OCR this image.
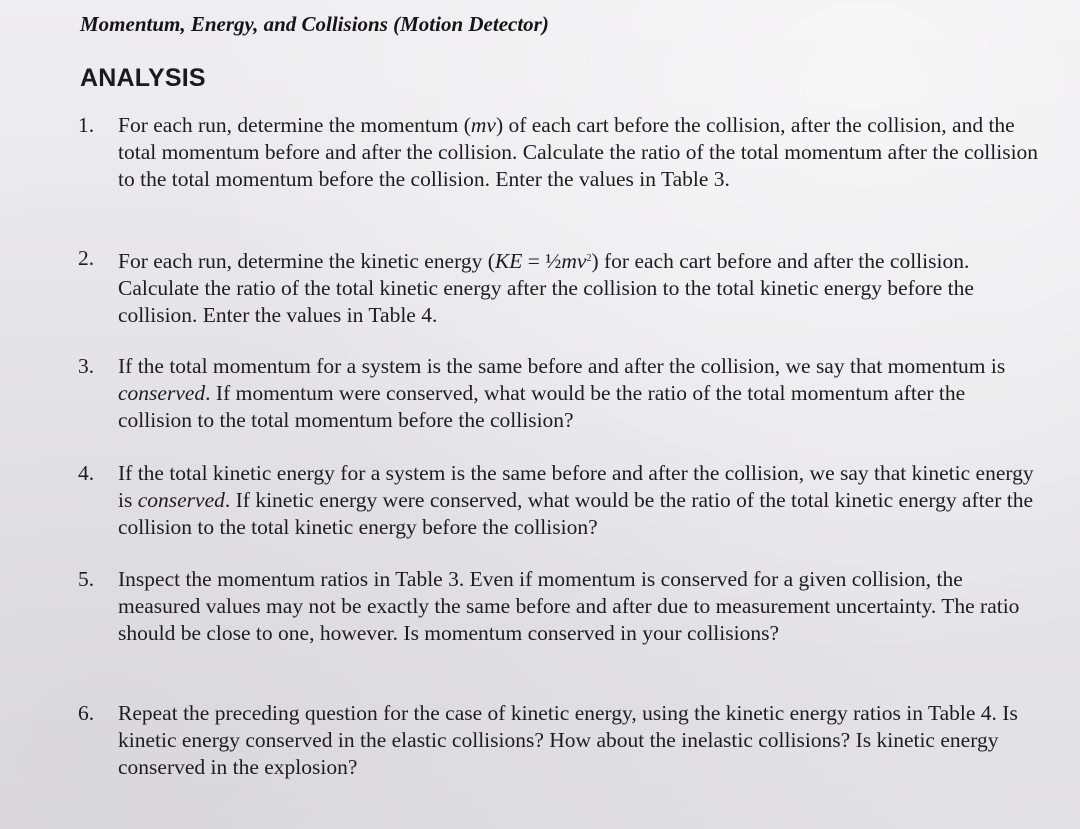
Momentum, Energy, and Collisions (Motion Detector)
ANALYSIS
1.	For each run, determine the momentum (mv) of each cart before the collision, after the collision, and the total momentum before and after the collision. Calculate the ratio of the total momentum after the collision to the total momentum before the collision. Enter the values in Table 3.
2.	For each run, determine the kinetic energy $(KE = \frac{1}{2}mv^2)$ for each cart before and after the collision. Calculate the ratio of the total kinetic energy after the collision to the total kinetic energy before the collision. Enter the values in Table 4.
3.	If the total momentum for a system is the same before and after the collision, we say that momentum is conserved. If momentum were conserved, what would be the ratio of the total momentum after the collision to the total momentum before the collision?
4.	If the total kinetic energy for a system is the same before and after the collision, we say that kinetic energy is conserved. If kinetic energy were conserved, what would be the ratio of the total kinetic energy after the collision to the total kinetic energy before the collision?
5.	Inspect the momentum ratios in Table 3. Even if momentum is conserved for a given collision, the measured values may not be exactly the same before and after due to measurement uncertainty. The ratio should be close to one, however. Is momentum conserved in your collisions?
6.	Repeat the preceding question for the case of kinetic energy, using the kinetic energy ratios in Table 4. Is kinetic energy conserved in the elastic collisions? How about the inelastic collisions? Is kinetic energy conserved in the explosion?
